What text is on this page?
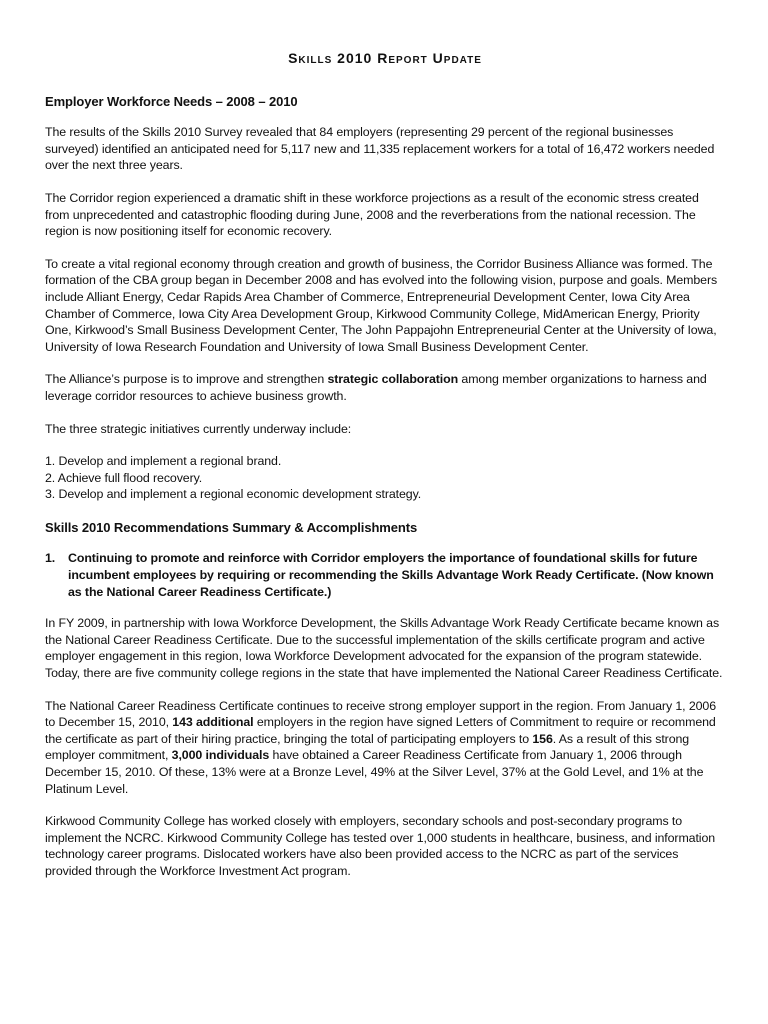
Skills 2010 Report Update
Employer Workforce Needs – 2008 – 2010

The results of the Skills 2010 Survey revealed that 84 employers (representing 29 percent of the regional businesses surveyed) identified an anticipated need for 5,117 new and 11,335 replacement workers for a total of 16,472 workers needed over the next three years.

The Corridor region experienced a dramatic shift in these workforce projections as a result of the economic stress created from unprecedented and catastrophic flooding during June, 2008 and the reverberations from the national recession. The region is now positioning itself for economic recovery.

To create a vital regional economy through creation and growth of business, the Corridor Business Alliance was formed. The formation of the CBA group began in December 2008 and has evolved into the following vision, purpose and goals. Members include Alliant Energy, Cedar Rapids Area Chamber of Commerce, Entrepreneurial Development Center, Iowa City Area Chamber of Commerce, Iowa City Area Development Group, Kirkwood Community College, MidAmerican Energy, Priority One, Kirkwood’s Small Business Development Center, The John Pappajohn Entrepreneurial Center at the University of Iowa, University of Iowa Research Foundation and University of Iowa Small Business Development Center.

The Alliance’s purpose is to improve and strengthen strategic collaboration among member organizations to harness and leverage corridor resources to achieve business growth.

The three strategic initiatives currently underway include:

1. Develop and implement a regional brand.
2. Achieve full flood recovery.
3. Develop and implement a regional economic development strategy.
Skills 2010 Recommendations Summary & Accomplishments
1.	Continuing to promote and reinforce with Corridor employers the importance of foundational skills for future incumbent employees by requiring or recommending the Skills Advantage Work Ready Certificate. (Now known as the National Career Readiness Certificate.)

In FY 2009, in partnership with Iowa Workforce Development, the Skills Advantage Work Ready Certificate became known as the National Career Readiness Certificate. Due to the successful implementation of the skills certificate program and active employer engagement in this region, Iowa Workforce Development advocated for the expansion of the program statewide. Today, there are five community college regions in the state that have implemented the National Career Readiness Certificate.

The National Career Readiness Certificate continues to receive strong employer support in the region. From January 1, 2006 to December 15, 2010, 143 additional employers in the region have signed Letters of Commitment to require or recommend the certificate as part of their hiring practice, bringing the total of participating employers to 156. As a result of this strong employer commitment, 3,000 individuals have obtained a Career Readiness Certificate from January 1, 2006 through December 15, 2010. Of these, 13% were at a Bronze Level, 49% at the Silver Level, 37% at the Gold Level, and 1% at the Platinum Level.

Kirkwood Community College has worked closely with employers, secondary schools and post-secondary programs to implement the NCRC. Kirkwood Community College has tested over 1,000 students in healthcare, business, and information technology career programs. Dislocated workers have also been provided access to the NCRC as part of the services provided through the Workforce Investment Act program.
